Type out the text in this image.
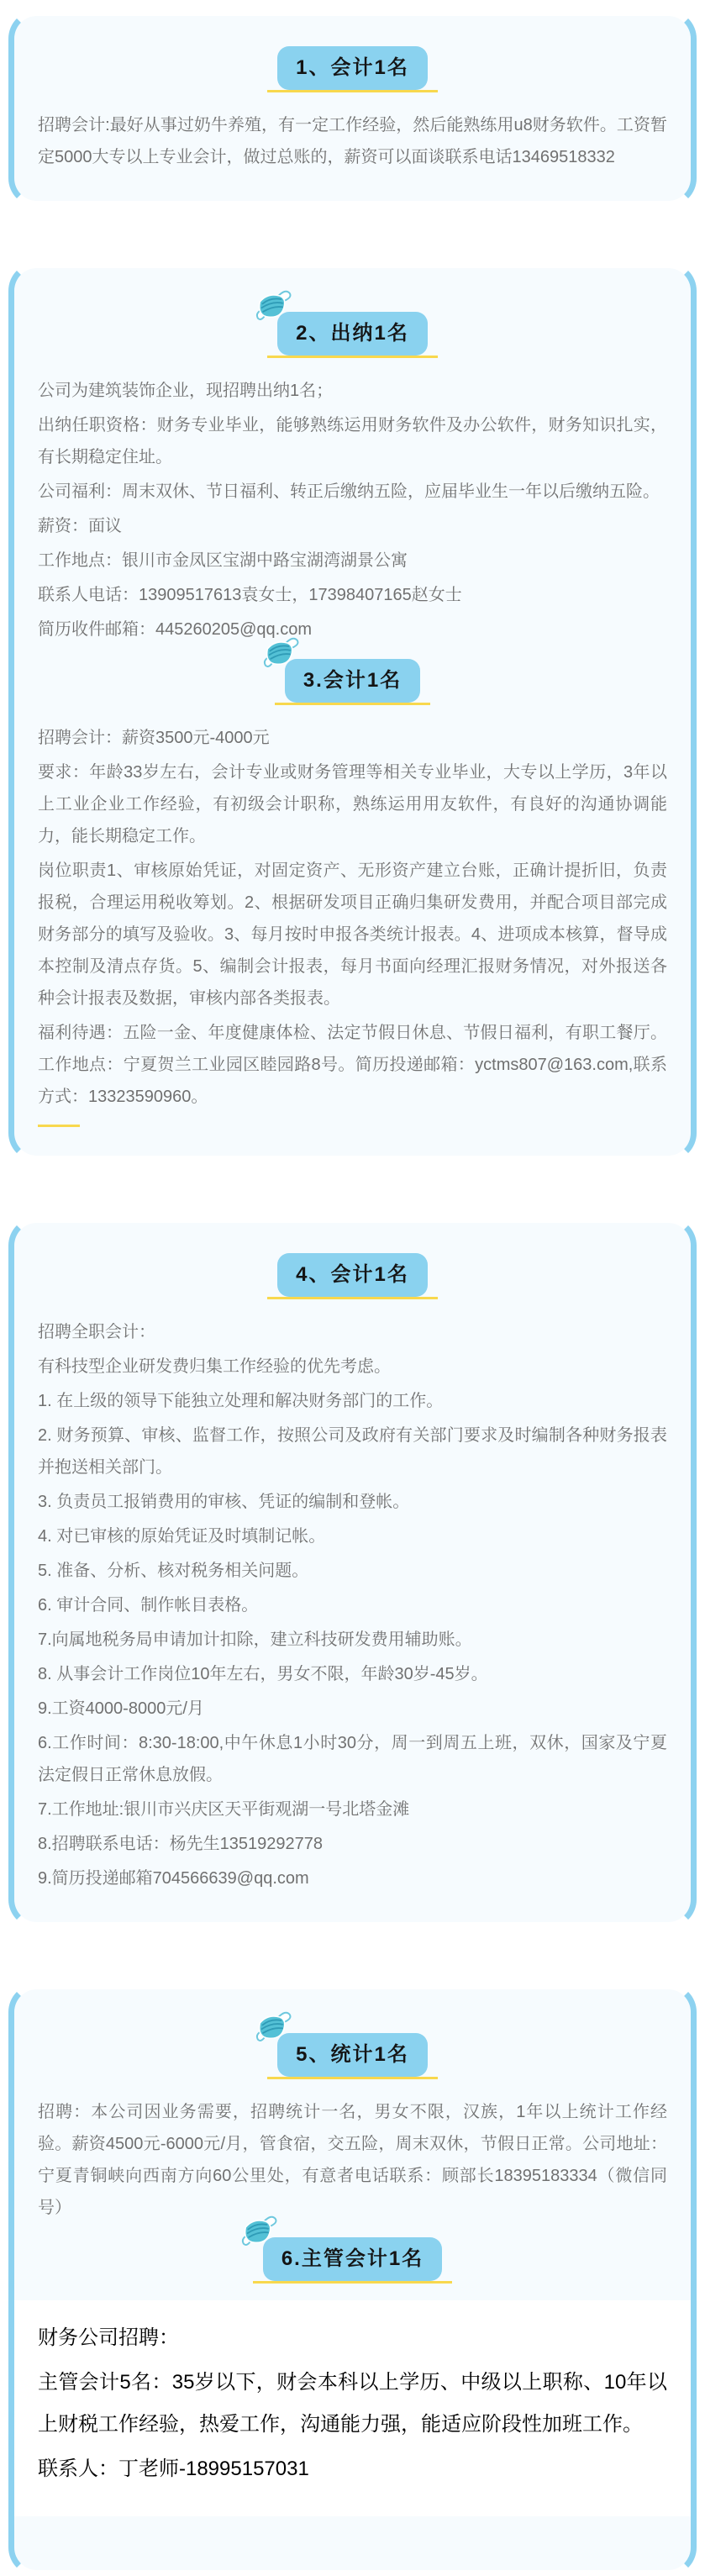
1、会计1名

招聘会计:最好从事过奶牛养殖，有一定工作经验，然后能熟练用u8财务软件。工资暂定5000大专以上专业会计，做过总账的，薪资可以面谈联系电话13469518332

2、出纳1名

公司为建筑装饰企业，现招聘出纳1名；

出纳任职资格：财务专业毕业，能够熟练运用财务软件及办公软件，财务知识扎实，有长期稳定住址。

公司福利：周末双休、节日福利、转正后缴纳五险，应届毕业生一年以后缴纳五险。

薪资：面议

工作地点：银川市金凤区宝湖中路宝湖湾湖景公寓

联系人电话：13909517613袁女士，17398407165赵女士

简历收件邮箱：445260205@qq.com

3.会计1名

招聘会计：薪资3500元-4000元

要求：年龄33岁左右，会计专业或财务管理等相关专业毕业，大专以上学历，3年以上工业企业工作经验，有初级会计职称，熟练运用用友软件，有良好的沟通协调能力，能长期稳定工作。

岗位职责1、审核原始凭证，对固定资产、无形资产建立台账，正确计提折旧，负责报税，合理运用税收筹划。2、根据研发项目正确归集研发费用，并配合项目部完成财务部分的填写及验收。3、每月按时申报各类统计报表。4、进项成本核算，督导成本控制及清点存货。5、编制会计报表，每月书面向经理汇报财务情况，对外报送各种会计报表及数据，审核内部各类报表。

福利待遇：五险一金、年度健康体检、法定节假日休息、节假日福利，有职工餐厅。工作地点：宁夏贺兰工业园区睦园路8号。简历投递邮箱：yctms807@163.com,联系方式：13323590960。

4、会计1名

招聘全职会计：

有科技型企业研发费归集工作经验的优先考虑。

1. 在上级的领导下能独立处理和解决财务部门的工作。

2. 财务预算、审核、监督工作，按照公司及政府有关部门要求及时编制各种财务报表并抱送相关部门。

3. 负责员工报销费用的审核、凭证的编制和登帐。

4. 对已审核的原始凭证及时填制记帐。

5. 准备、分析、核对税务相关问题。

6. 审计合同、制作帐目表格。

7.向属地税务局申请加计扣除，建立科技研发费用辅助账。

8. 从事会计工作岗位10年左右，男女不限，年龄30岁-45岁。

9.工资4000-8000元/月

6.工作时间：8:30-18:00,中午休息1小时30分，周一到周五上班，双休，国家及宁夏法定假日正常休息放假。

7.工作地址:银川市兴庆区天平街观湖一号北塔金滩

8.招聘联系电话：杨先生13519292778

9.简历投递邮箱704566639@qq.com

5、统计1名

招聘：本公司因业务需要，招聘统计一名，男女不限，汉族，1年以上统计工作经验。薪资4500元-6000元/月，管食宿，交五险，周末双休，节假日正常。公司地址：宁夏青铜峡向西南方向60公里处，有意者电话联系：顾部长18395183334（微信同号）

6.主管会计1名

财务公司招聘：

主管会计5名：35岁以下，财会本科以上学历、中级以上职称、10年以上财税工作经验，热爱工作，沟通能力强，能适应阶段性加班工作。

联系人：丁老师-18995157031
